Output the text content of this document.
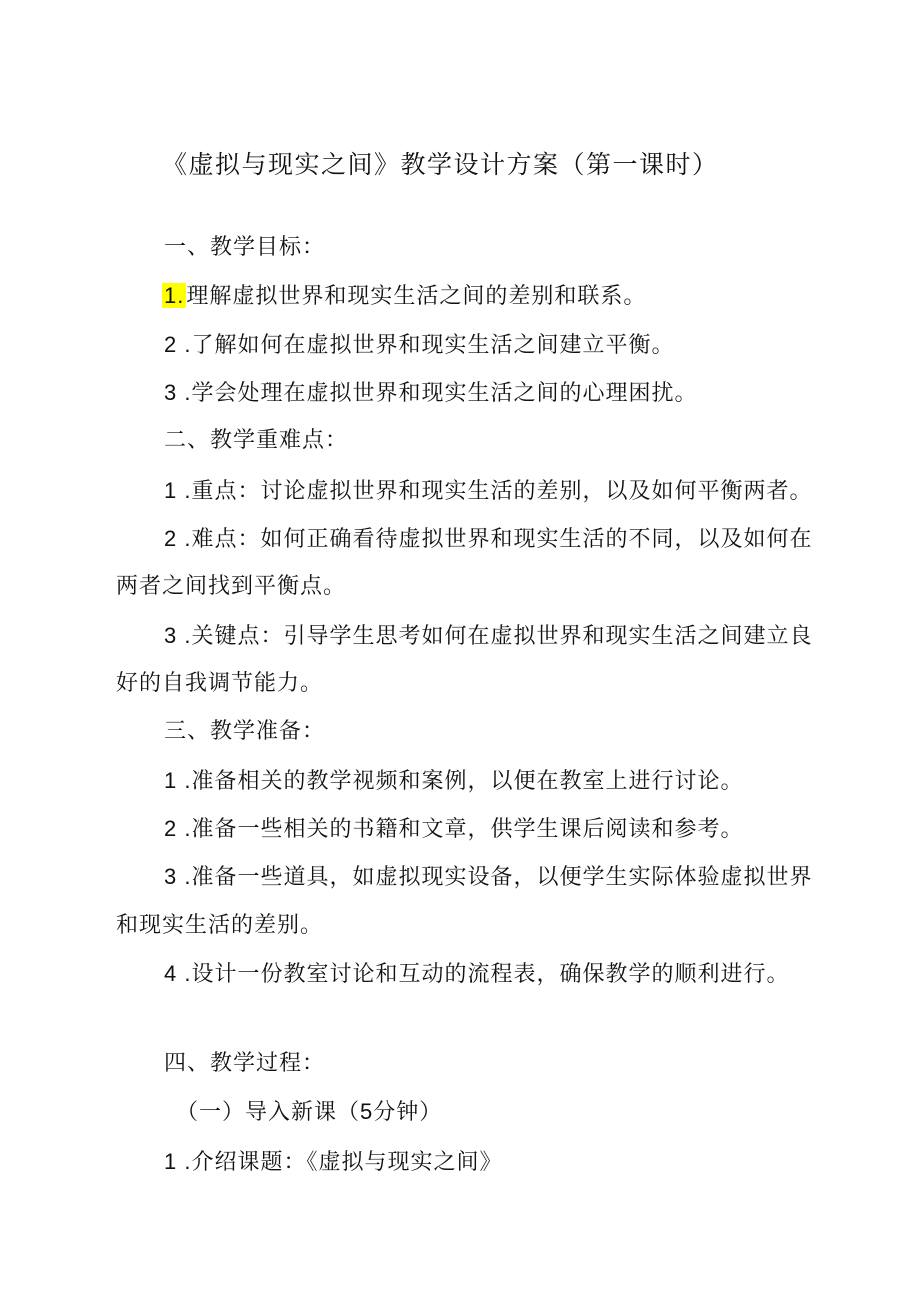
《虚拟与现实之间》教学设计方案（第一课时）
一、教学目标：
1.理解虚拟世界和现实生活之间的差别和联系。
2 .了解如何在虚拟世界和现实生活之间建立平衡。
3 .学会处理在虚拟世界和现实生活之间的心理困扰。
二、教学重难点：
1 .重点：讨论虚拟世界和现实生活的差别，以及如何平衡两者。
2 .难点：如何正确看待虚拟世界和现实生活的不同，以及如何在
两者之间找到平衡点。
3 .关键点：引导学生思考如何在虚拟世界和现实生活之间建立良
好的自我调节能力。
三、教学准备：
1 .准备相关的教学视频和案例，以便在教室上进行讨论。
2 .准备一些相关的书籍和文章，供学生课后阅读和参考。
3 .准备一些道具，如虚拟现实设备，以便学生实际体验虚拟世界
和现实生活的差别。
4 .设计一份教室讨论和互动的流程表，确保教学的顺利进行。
四、教学过程：
（一）导入新课（5分钟）
1 .介绍课题：《虚拟与现实之间》
